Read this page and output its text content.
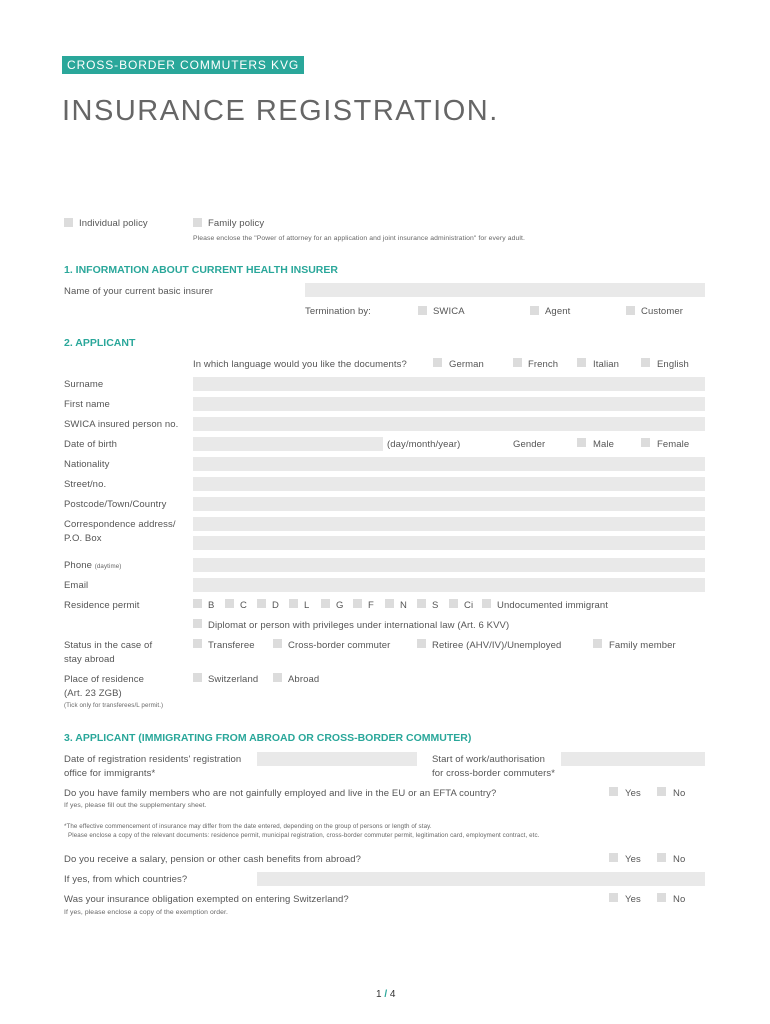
CROSS-BORDER COMMUTERS KVG
INSURANCE REGISTRATION.
Individual policy	Family policy
Please enclose the "Power of attorney for an application and joint insurance administration" for every adult.
1. INFORMATION ABOUT CURRENT HEALTH INSURER
Name of your current basic insurer
Termination by:	SWICA	Agent	Customer
2. APPLICANT
In which language would you like the documents?	German	French	Italian	English
Surname
First name
SWICA insured person no.
Date of birth	(day/month/year)	Gender	Male	Female
Nationality
Street/no.
Postcode/Town/Country
Correspondence address/
P.O. Box
Phone (daytime)
Email
Residence permit	B	C	D	L	G	F	N	S	Ci	Undocumented immigrant
Diplomat or person with privileges under international law (Art. 6 KVV)
Status in the case of
stay abroad
Transferee	Cross-border commuter	Retiree (AHV/IV)/Unemployed	Family member
Place of residence
(Art. 23 ZGB)
(Tick only for transferees/L permit.)
Switzerland	Abroad
3. APPLICANT (IMMIGRATING FROM ABROAD OR CROSS-BORDER COMMUTER)
Date of registration residents' registration
office for immigrants*
Start of work/authorisation
for cross-border commuters*
Do you have family members who are not gainfully employed and live in the EU or an EFTA country?	Yes	No
If yes, please fill out the supplementary sheet.
*The effective commencement of insurance may differ from the date entered, depending on the group of persons or length of stay.
Please enclose a copy of the relevant documents: residence permit, municipal registration, cross-border commuter permit, legitimation card, employment contract, etc.
Do you receive a salary, pension or other cash benefits from abroad?	Yes	No
If yes, from which countries?
Was your insurance obligation exempted on entering Switzerland?	Yes	No
If yes, please enclose a copy of the exemption order.
1 / 4
